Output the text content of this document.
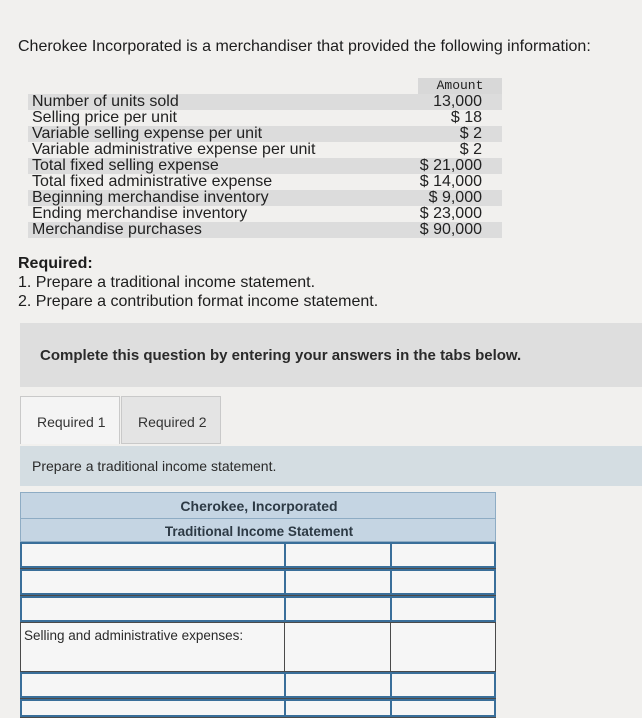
Cherokee Incorporated is a merchandiser that provided the following information:
Amount
Number of units sold	13,000
Selling price per unit	$ 18
Variable selling expense per unit	$ 2
Variable administrative expense per unit	$ 2
Total fixed selling expense	$ 21,000
Total fixed administrative expense	$ 14,000
Beginning merchandise inventory	$ 9,000
Ending merchandise inventory	$ 23,000
Merchandise purchases	$ 90,000
Required:
1. Prepare a traditional income statement.
2. Prepare a contribution format income statement.
Complete this question by entering your answers in the tabs below.
Required 1	Required 2
Prepare a traditional income statement.
Cherokee, Incorporated
Traditional Income Statement
Selling and administrative expenses:
